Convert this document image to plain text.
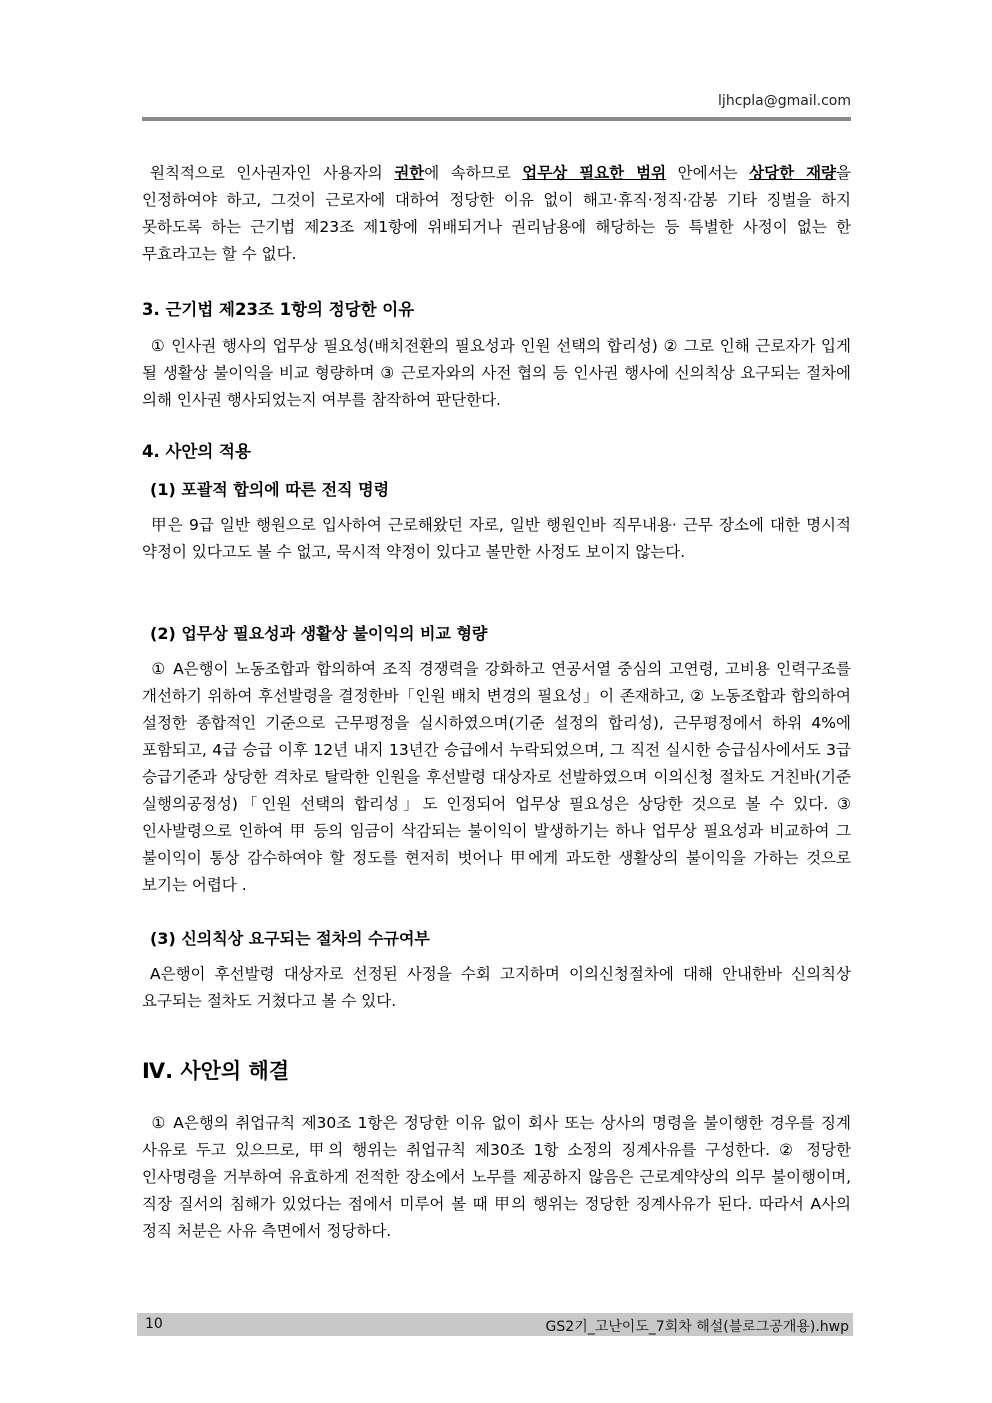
ljhcpla@gmail.com

원칙적으로 인사권자인 사용자의 권한에 속하므로 업무상 필요한 범위 안에서는 상당한 재량을 인정하여야 하고, 그것이 근로자에 대하여 정당한 이유 없이 해고·휴직·정직·감봉 기타 징벌을 하지 못하도록 하는 근기법 제23조 제1항에 위배되거나 권리남용에 해당하는 등 특별한 사정이 없는 한 무효라고는 할 수 없다.

3. 근기법 제23조 1항의 정당한 이유

① 인사권 행사의 업무상 필요성(배치전환의 필요성과 인원 선택의 합리성) ② 그로 인해 근로자가 입게 될 생활상 불이익을 비교 형량하며 ③ 근로자와의 사전 협의 등 인사권 행사에 신의칙상 요구되는 절차에 의해 인사권 행사되었는지 여부를 참작하여 판단한다.

4. 사안의 적용
(1) 포괄적 합의에 따른 전직 명령

甲은 9급 일반 행원으로 입사하여 근로해왔던 자로, 일반 행원인바 직무내용· 근무 장소에 대한 명시적 약정이 있다고도 볼 수 없고, 묵시적 약정이 있다고 볼만한 사정도 보이지 않는다.

(2) 업무상 필요성과 생활상 불이익의 비교 형량

① A은행이 노동조합과 합의하여 조직 경쟁력을 강화하고 연공서열 중심의 고연령, 고비용 인력구조를 개선하기 위하여 후선발령을 결정한바「인원 배치 변경의 필요성」이 존재하고, ② 노동조합과 합의하여 설정한 종합적인 기준으로 근무평정을 실시하였으며(기준 설정의 합리성), 근무평정에서 하위 4%에 포함되고, 4급 승급 이후 12년 내지 13년간 승급에서 누락되었으며, 그 직전 실시한 승급심사에서도 3급 승급기준과 상당한 격차로 탈락한 인원을 후선발령 대상자로 선발하였으며 이의신청 절차도 거친바(기준 실행의공정성)「인원 선택의 합리성」도 인정되어 업무상 필요성은 상당한 것으로 볼 수 있다. ③ 인사발령으로 인하여 甲 등의 임금이 삭감되는 불이익이 발생하기는 하나 업무상 필요성과 비교하여 그 불이익이 통상 감수하여야 할 정도를 현저히 벗어나 甲에게 과도한 생활상의 불이익을 가하는 것으로 보기는 어렵다 .

(3) 신의칙상 요구되는 절차의 수규여부

A은행이 후선발령 대상자로 선정된 사정을 수회 고지하며 이의신청절차에 대해 안내한바 신의칙상 요구되는 절차도 거쳤다고 볼 수 있다.

Ⅳ. 사안의 해결

① A은행의 취업규칙 제30조 1항은 정당한 이유 없이 회사 또는 상사의 명령을 불이행한 경우를 징계 사유로 두고 있으므로, 甲의 행위는 취업규칙 제30조 1항 소정의 징계사유를 구성한다. ② 정당한 인사명령을 거부하여 유효하게 전적한 장소에서 노무를 제공하지 않음은 근로계약상의 의무 불이행이며, 직장 질서의 침해가 있었다는 점에서 미루어 볼 때 甲의 행위는 정당한 징계사유가 된다. 따라서 A사의 정직 처분은 사유 측면에서 정당하다.

10	GS2기_고난이도_7회차 해설(블로그공개용).hwp
